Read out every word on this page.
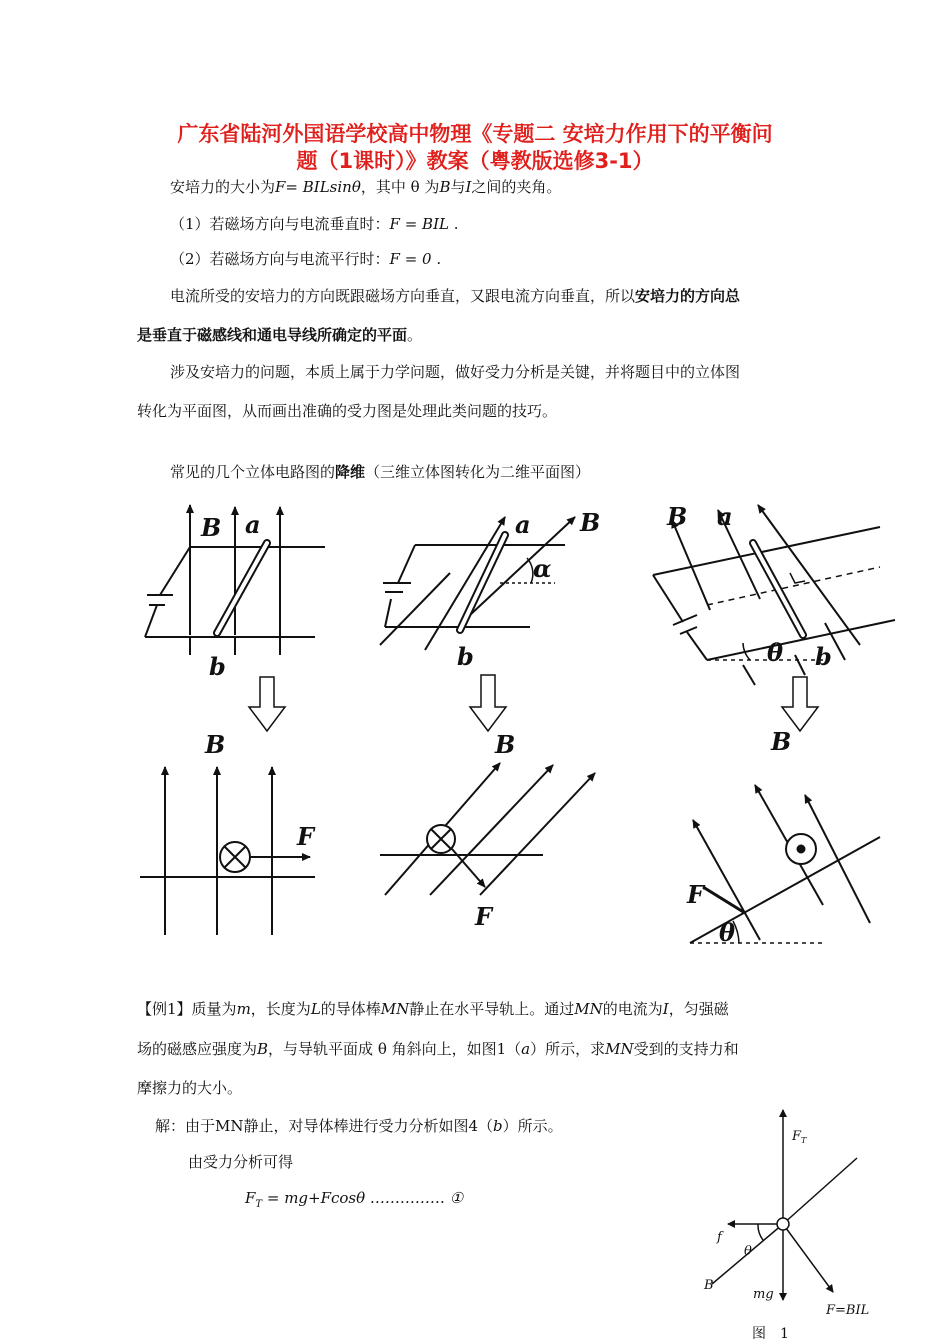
广东省陆河外国语学校高中物理《专题二 安培力作用下的平衡问
题（1课时）》教案（粤教版选修3-1）
安培力的大小为F= BILsinθ，其中 θ 为B与I之间的夹角。
（1）若磁场方向与电流垂直时：F = BIL .
（2）若磁场方向与电流平行时：F = 0 .
电流所受的安培力的方向既跟磁场方向垂直，又跟电流方向垂直，所以安培力的方向总
是垂直于磁感线和通电导线所确定的平面。
涉及安培力的问题，本质上属于力学问题，做好受力分析是关键，并将题目中的立体图
转化为平面图，从而画出准确的受力图是处理此类问题的技巧。
常见的几个立体电路图的降维（三维立体图转化为二维平面图）
B a
b
a B
α
b
B a
θ b
B
F
B
F
B
F
θ
【例1】质量为m，长度为L的导体棒MN静止在水平导轨上。通过MN的电流为I，匀强磁
场的磁感应强度为B，与导轨平面成 θ 角斜向上，如图1（a）所示，求MN受到的支持力和
摩擦力的大小。
解：由于MN静止，对导体棒进行受力分析如图4（b）所示。
由受力分析可得
$F_T = mg+Fcos\theta$ …………… ①
$F_T$
f
θ
B
mg
F=BIL
图　1
